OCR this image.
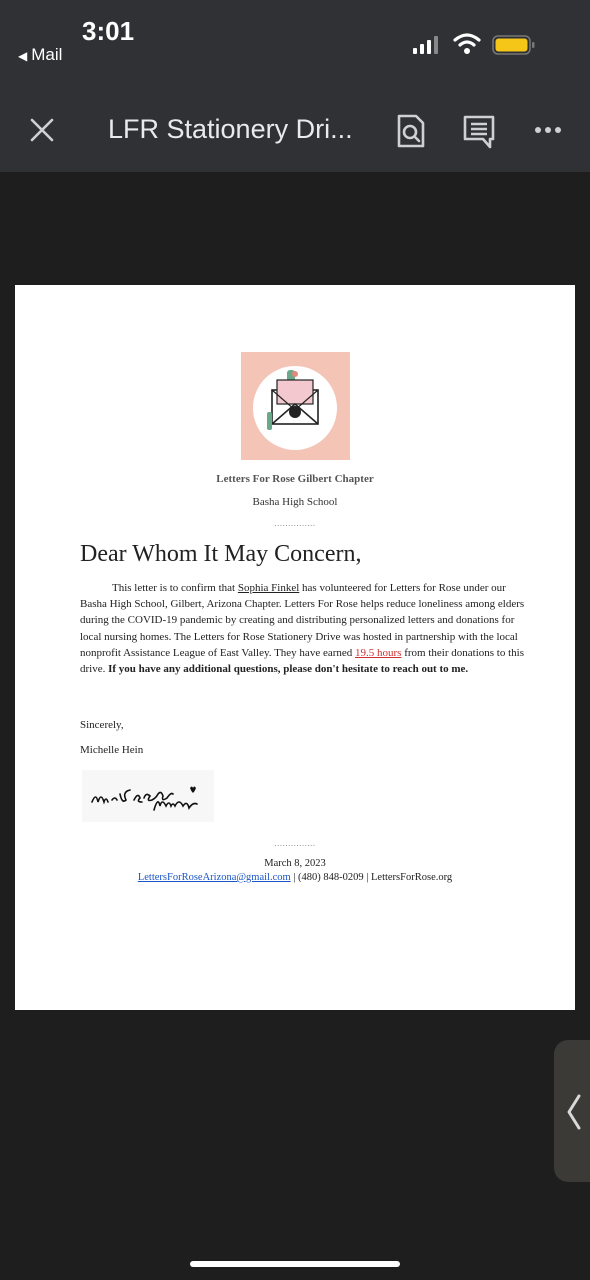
3:01
◀ Mail
LFR Stationery Dri...
Letters For Rose Gilbert Chapter
Basha High School
...............
Dear Whom It May Concern,
This letter is to confirm that Sophia Finkel has volunteered for Letters for Rose under our Basha High School, Gilbert, Arizona Chapter. Letters For Rose helps reduce loneliness among elders during the COVID-19 pandemic by creating and distributing personalized letters and donations for local nursing homes. The Letters for Rose Stationery Drive was hosted in partnership with the local nonprofit Assistance League of East Valley. They have earned 19.5 hours from their donations to this drive. If you have any additional questions, please don't hesitate to reach out to me.
Sincerely,
Michelle Hein
...............
March 8, 2023
LettersForRoseArizona@gmail.com | (480) 848-0209 | LettersForRose.org
